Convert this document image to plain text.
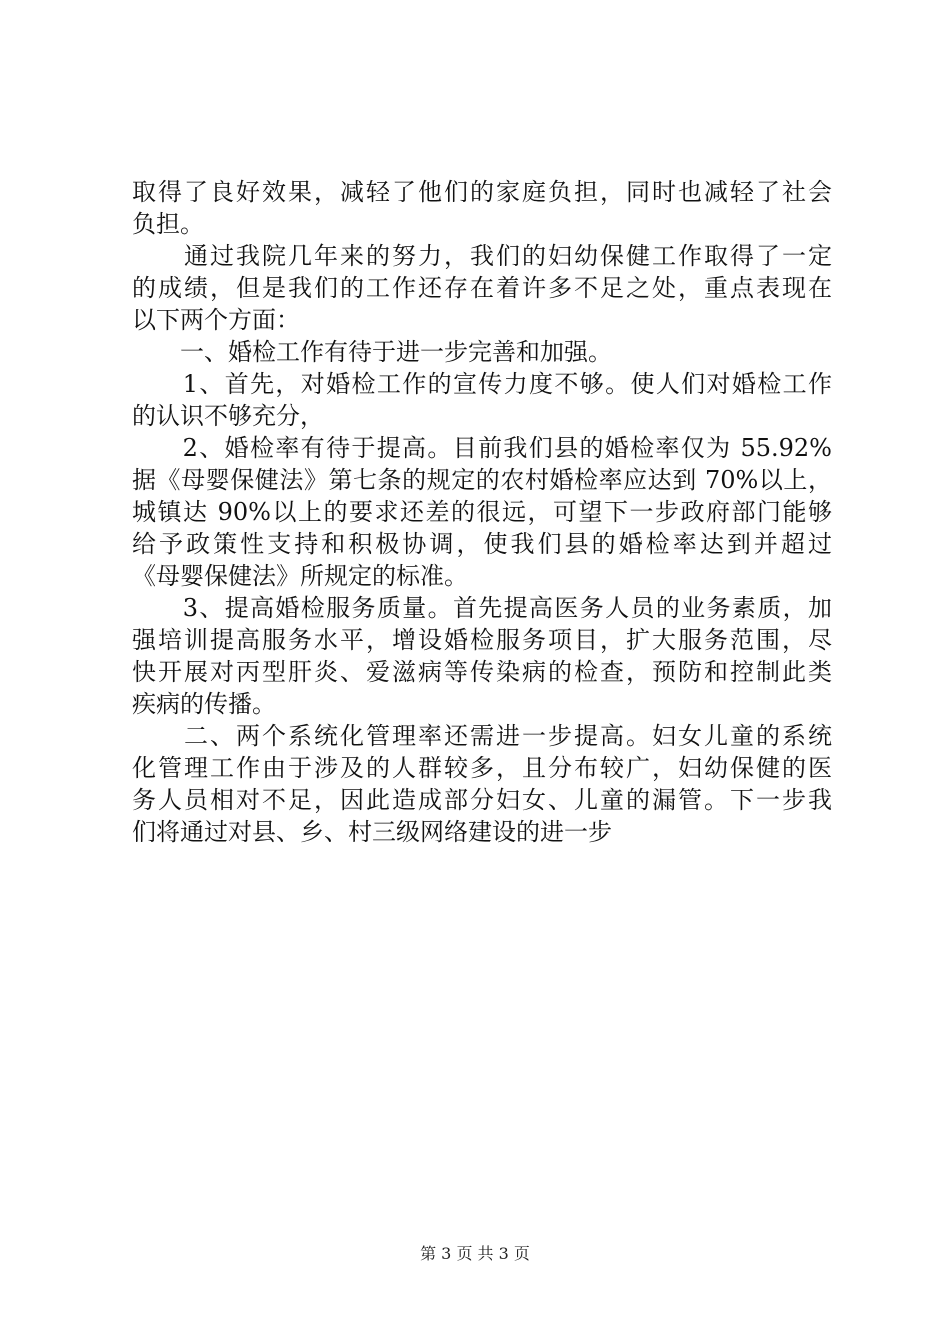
取得了良好效果，减轻了他们的家庭负担，同时也减轻了社会
负担。
　　通过我院几年来的努力，我们的妇幼保健工作取得了一定
的成绩，但是我们的工作还存在着许多不足之处，重点表现在
以下两个方面：
　　一、婚检工作有待于进一步完善和加强。
　　1、首先，对婚检工作的宣传力度不够。使人们对婚检工作
的认识不够充分，
　　2、婚检率有待于提高。目前我们县的婚检率仅为 55.92%
据《母婴保健法》第七条的规定的农村婚检率应达到 70%以上，
城镇达 90%以上的要求还差的很远，可望下一步政府部门能够
给予政策性支持和积极协调，使我们县的婚检率达到并超过
《母婴保健法》所规定的标准。
　　3、提高婚检服务质量。首先提高医务人员的业务素质，加
强培训提高服务水平，增设婚检服务项目，扩大服务范围，尽
快开展对丙型肝炎、爱滋病等传染病的检查，预防和控制此类
疾病的传播。
　　二、两个系统化管理率还需进一步提高。妇女儿童的系统
化管理工作由于涉及的人群较多，且分布较广，妇幼保健的医
务人员相对不足，因此造成部分妇女、儿童的漏管。下一步我
们将通过对县、乡、村三级网络建设的进一步
第 3 页 共 3 页
